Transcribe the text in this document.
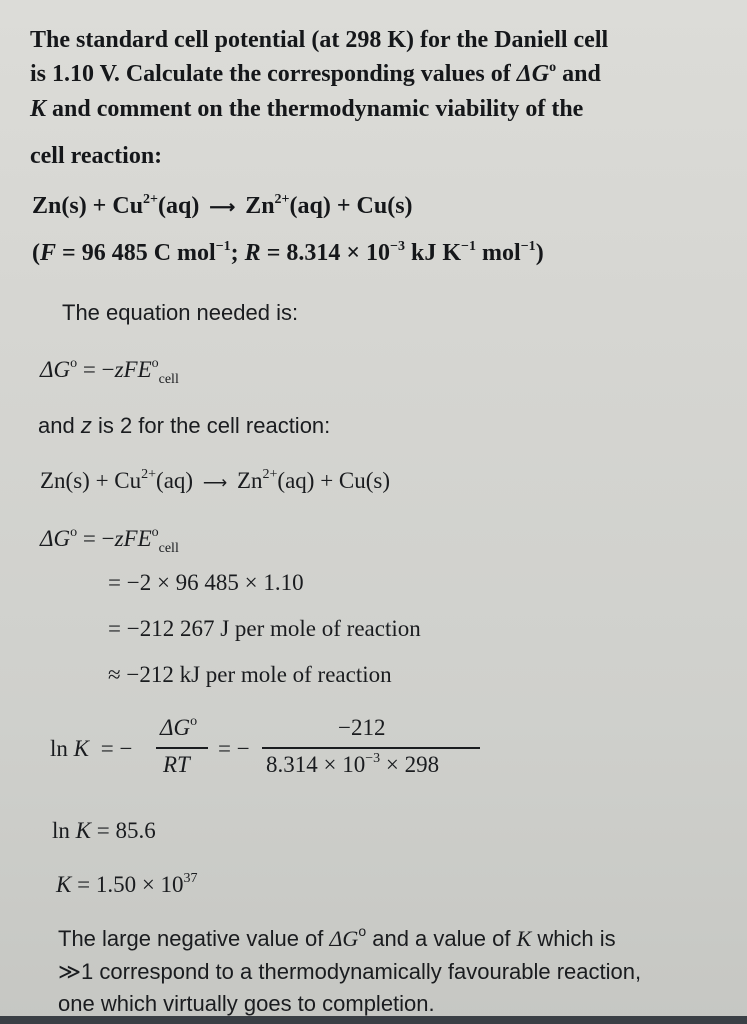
The standard cell potential (at 298 K) for the Daniell cell
is 1.10 V. Calculate the corresponding values of $\Delta G^o$ and
K and comment on the thermodynamic viability of the
cell reaction:
$Zn(s) + Cu^{2+}(aq)$ ⟶ $Zn^{2+}(aq) + Cu(s)$
(F = 96 485 C mol$^{-1}$; $R = 8.314 \times 10^{-3}$ kJ $K^{-1}$ mol$^{-1}$)
The equation needed is:
$\Delta G^o = -zFE^o_{cell}$
and z is 2 for the cell reaction:
$Zn(s) + Cu^{2+}(aq)$ ⟶ $Zn^{2+}(aq) + Cu(s)$
$\Delta G^o = -zFE^o_{cell}$
= −2 × 96 485 × 1.10
= −212 267 J per mole of reaction
≈ −212 kJ per mole of reaction
ln K = −
$\Delta G^o$
RT
= −
−212
$8.314 \times 10^{-3} \times 298$
ln K = 85.6
$K = 1.50 \times 10^{37}$
The large negative value of $\Delta G^o$ and a value of K which is
≫1 correspond to a thermodynamically favourable reaction,
one which virtually goes to completion.
